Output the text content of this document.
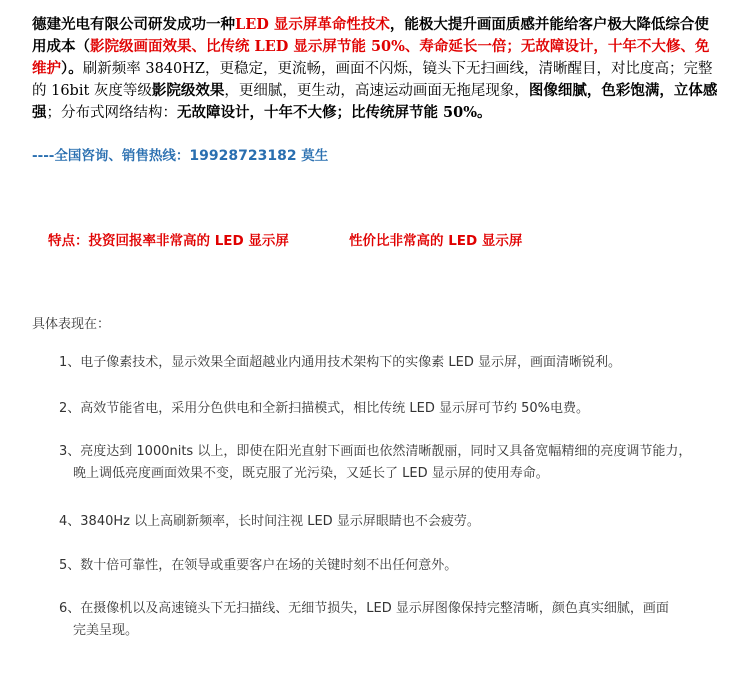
德建光电有限公司研发成功一种LED 显示屏革命性技术，能极大提升画面质感并能给客户极大降低综合使用成本（影院级画面效果、比传统 LED 显示屏节能 50%、寿命延长一倍；无故障设计，十年不大修、免维护）。刷新频率 3840HZ，更稳定，更流畅，画面不闪烁，镜头下无扫画线，清晰醒目，对比度高；完整的 16bit 灰度等级影院级效果，更细腻，更生动，高速运动画面无拖尾现象，图像细腻，色彩饱满，立体感强；分布式网络结构：无故障设计，十年不大修；比传统屏节能 50%。
----全国咨询、销售热线：19928723182 莫生
特点：投资回报率非常高的 LED 显示屏	性价比非常高的 LED 显示屏
具体表现在：
1、电子像素技术，显示效果全面超越业内通用技术架构下的实像素 LED 显示屏，画面清晰锐利。
2、高效节能省电，采用分色供电和全新扫描模式，相比传统 LED 显示屏可节约 50%电费。
3、亮度达到 1000nits 以上，即使在阳光直射下画面也依然清晰靓丽，同时又具备宽幅精细的亮度调节能力，
晚上调低亮度画面效果不变，既克服了光污染，又延长了 LED 显示屏的使用寿命。
4、3840Hz 以上高刷新频率，长时间注视 LED 显示屏眼睛也不会疲劳。
5、数十倍可靠性，在领导或重要客户在场的关键时刻不出任何意外。
6、在摄像机以及高速镜头下无扫描线、无细节损失，LED 显示屏图像保持完整清晰，颜色真实细腻，画面
完美呈现。
